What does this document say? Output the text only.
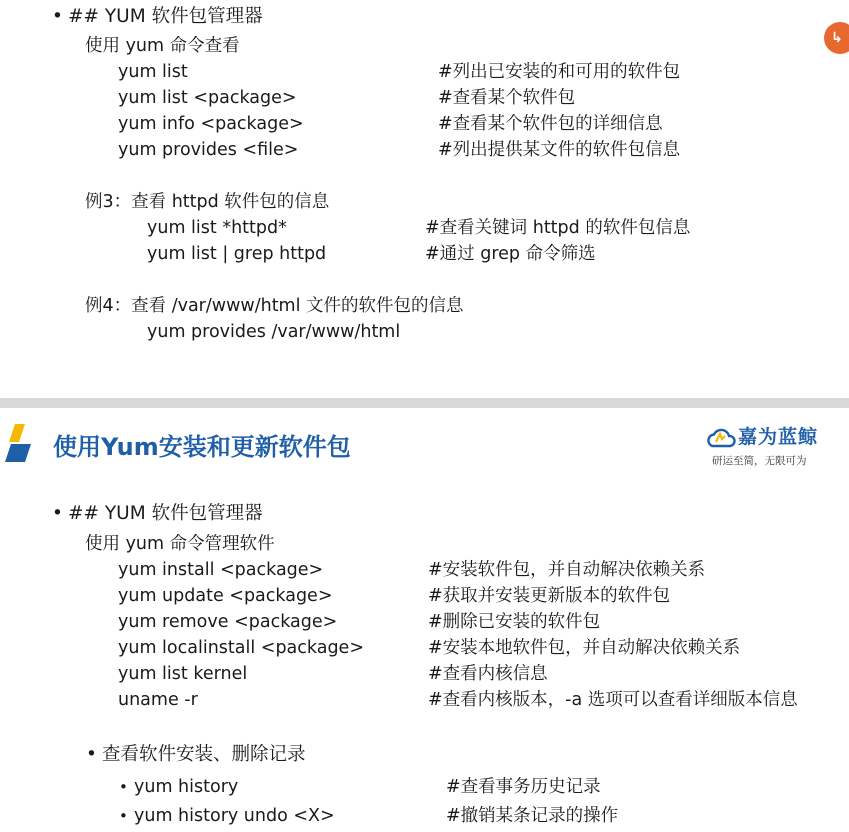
• ## YUM 软件包管理器
↳
使用 yum 命令查看
yum list	#列出已安装的和可用的软件包
yum list <package>	#查看某个软件包
yum info <package>	#查看某个软件包的详细信息
yum provides <file>	#列出提供某文件的软件包信息
例3：查看 httpd 软件包的信息
yum list *httpd*	#查看关键词 httpd 的软件包信息
yum list | grep httpd	#通过 grep 命令筛选
例4：查看 /var/www/html 文件的软件包的信息
yum provides /var/www/html
使用Yum安装和更新软件包	嘉为蓝鲸
研运至简，无限可为
• ## YUM 软件包管理器
使用 yum 命令管理软件
yum install <package>	#安装软件包，并自动解决依赖关系
yum update <package>	#获取并安装更新版本的软件包
yum remove <package>	#删除已安装的软件包
yum localinstall <package>	#安装本地软件包，并自动解决依赖关系
yum list kernel	#查看内核信息
uname -r	#查看内核版本，-a 选项可以查看详细版本信息
• 查看软件安装、删除记录
• yum history	#查看事务历史记录
• yum history undo <X>	#撤销某条记录的操作
